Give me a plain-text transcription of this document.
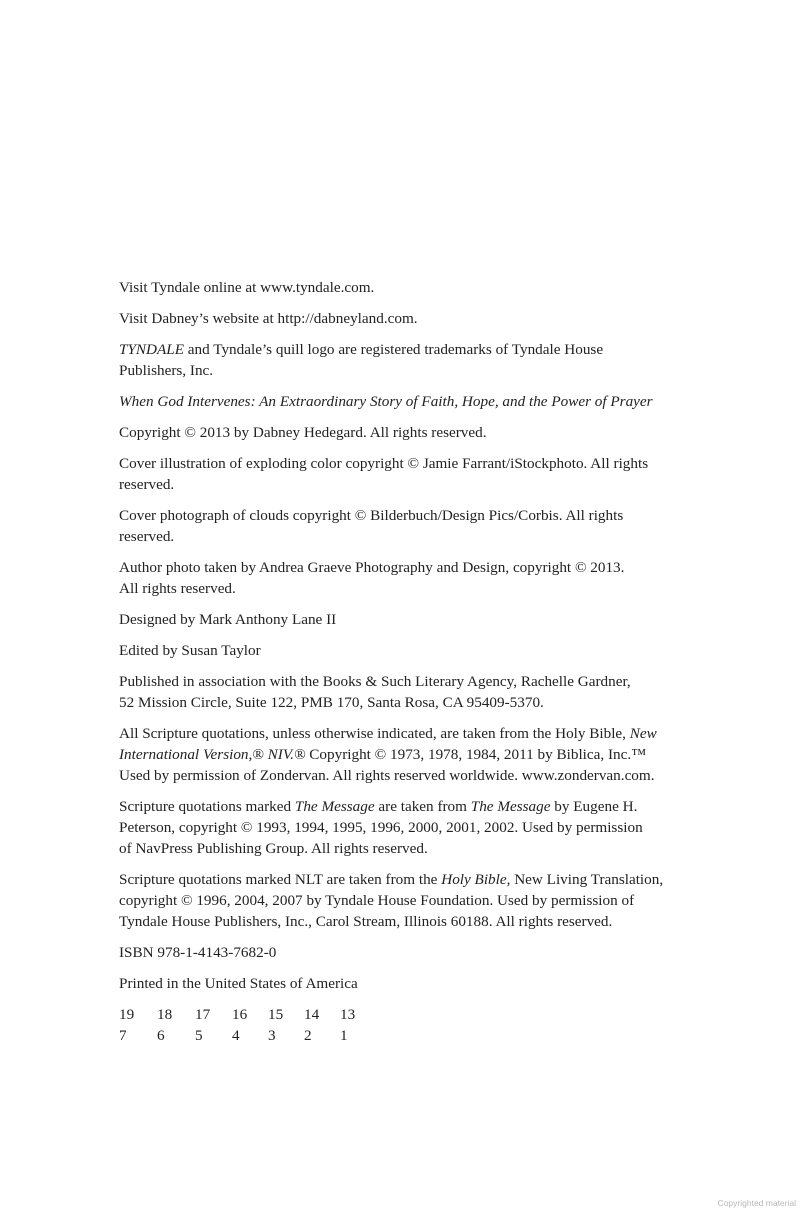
Visit Tyndale online at www.tyndale.com.

Visit Dabney’s website at http://dabneyland.com.

TYNDALE and Tyndale’s quill logo are registered trademarks of Tyndale House
Publishers, Inc.

When God Intervenes: An Extraordinary Story of Faith, Hope, and the Power of Prayer

Copyright © 2013 by Dabney Hedegard. All rights reserved.

Cover illustration of exploding color copyright © Jamie Farrant/iStockphoto. All rights
reserved.

Cover photograph of clouds copyright © Bilderbuch/Design Pics/Corbis. All rights
reserved.

Author photo taken by Andrea Graeve Photography and Design, copyright © 2013.
All rights reserved.

Designed by Mark Anthony Lane II

Edited by Susan Taylor

Published in association with the Books & Such Literary Agency, Rachelle Gardner,
52 Mission Circle, Suite 122, PMB 170, Santa Rosa, CA 95409-5370.

All Scripture quotations, unless otherwise indicated, are taken from the Holy Bible, New
International Version,® NIV.® Copyright © 1973, 1978, 1984, 2011 by Biblica, Inc.™
Used by permission of Zondervan. All rights reserved worldwide. www.zondervan.com.

Scripture quotations marked The Message are taken from The Message by Eugene H.
Peterson, copyright © 1993, 1994, 1995, 1996, 2000, 2001, 2002. Used by permission
of NavPress Publishing Group. All rights reserved.

Scripture quotations marked NLT are taken from the Holy Bible, New Living Translation,
copyright © 1996, 2004, 2007 by Tyndale House Foundation. Used by permission of
Tyndale House Publishers, Inc., Carol Stream, Illinois 60188. All rights reserved.

ISBN 978-1-4143-7682-0

Printed in the United States of America

19	18	17	16	15	14	13
7	6	5	4	3	2	1
Copyrighted material
